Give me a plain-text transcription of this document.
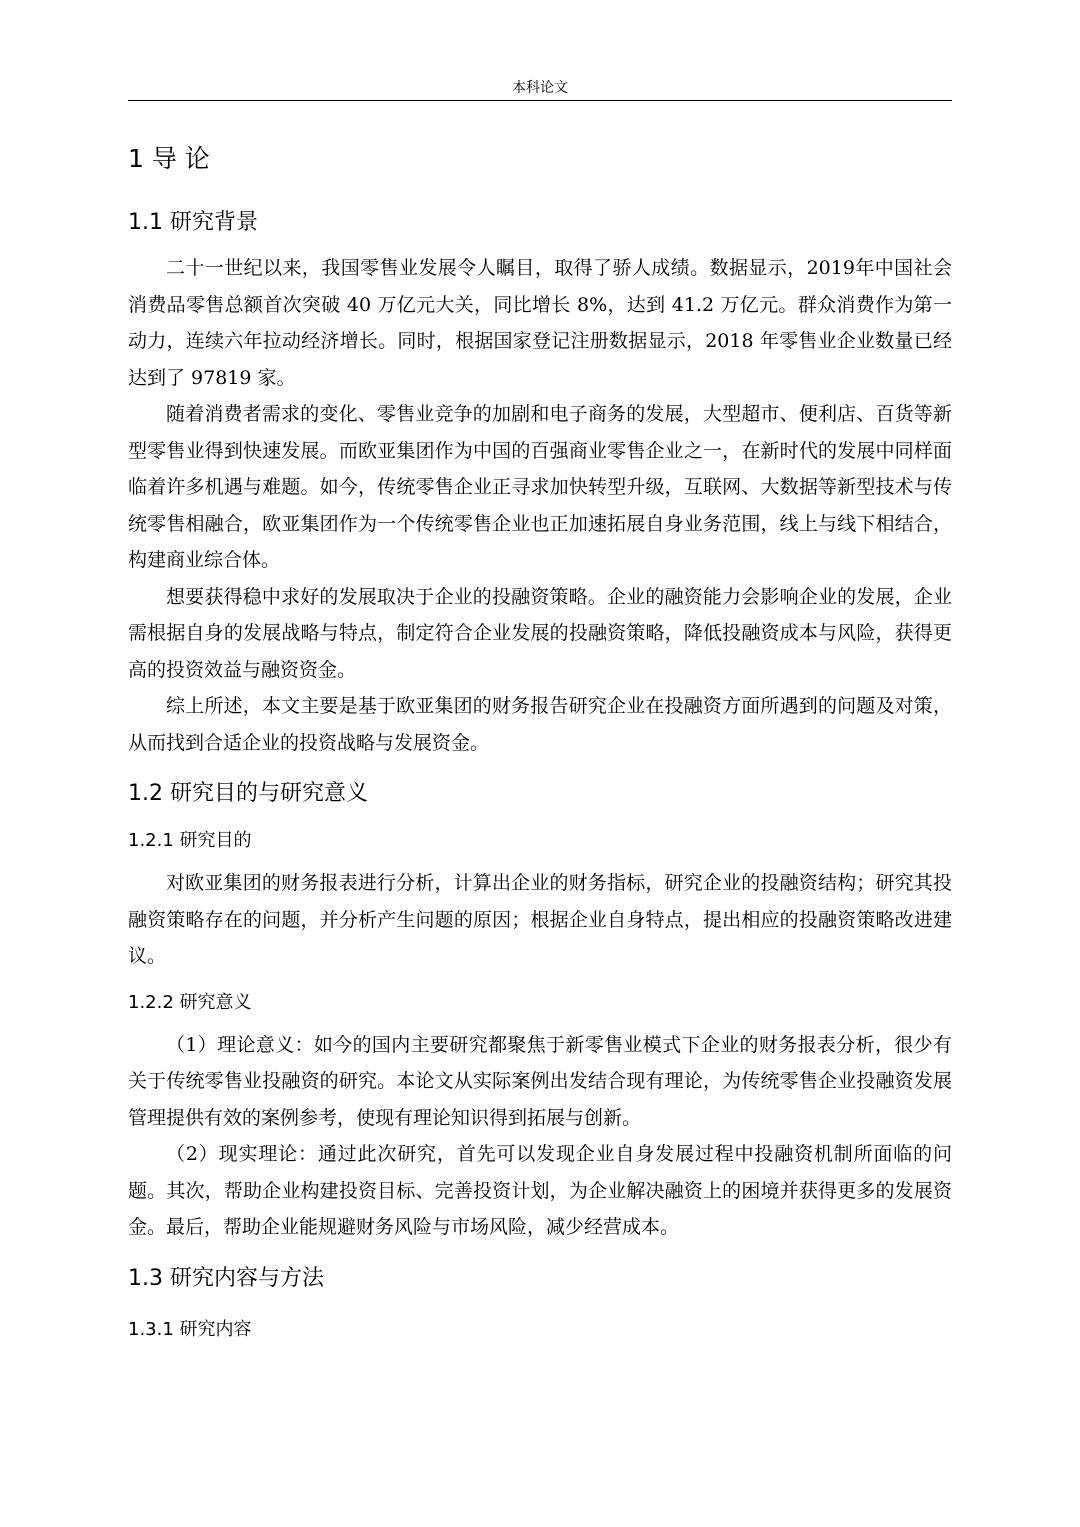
本科论文
1 导 论
1.1 研究背景

二十一世纪以来，我国零售业发展令人瞩目，取得了骄人成绩。数据显示，2019年中国社会消费品零售总额首次突破 40 万亿元大关，同比增长 8%，达到 41.2 万亿元。群众消费作为第一动力，连续六年拉动经济增长。同时，根据国家登记注册数据显示，2018 年零售业企业数量已经达到了 97819 家。

随着消费者需求的变化、零售业竞争的加剧和电子商务的发展，大型超市、便利店、百货等新型零售业得到快速发展。而欧亚集团作为中国的百强商业零售企业之一，在新时代的发展中同样面临着许多机遇与难题。如今，传统零售企业正寻求加快转型升级，互联网、大数据等新型技术与传统零售相融合，欧亚集团作为一个传统零售企业也正加速拓展自身业务范围，线上与线下相结合，构建商业综合体。

想要获得稳中求好的发展取决于企业的投融资策略。企业的融资能力会影响企业的发展，企业需根据自身的发展战略与特点，制定符合企业发展的投融资策略，降低投融资成本与风险，获得更高的投资效益与融资资金。

综上所述，本文主要是基于欧亚集团的财务报告研究企业在投融资方面所遇到的问题及对策，从而找到合适企业的投资战略与发展资金。

1.2 研究目的与研究意义
1.2.1 研究目的

对欧亚集团的财务报表进行分析，计算出企业的财务指标，研究企业的投融资结构；研究其投融资策略存在的问题，并分析产生问题的原因；根据企业自身特点，提出相应的投融资策略改进建议。

1.2.2 研究意义

（1）理论意义：如今的国内主要研究都聚焦于新零售业模式下企业的财务报表分析，很少有关于传统零售业投融资的研究。本论文从实际案例出发结合现有理论，为传统零售企业投融资发展管理提供有效的案例参考，使现有理论知识得到拓展与创新。

（2）现实理论：通过此次研究，首先可以发现企业自身发展过程中投融资机制所面临的问题。其次，帮助企业构建投资目标、完善投资计划，为企业解决融资上的困境并获得更多的发展资金。最后，帮助企业能规避财务风险与市场风险，减少经营成本。

1.3 研究内容与方法
1.3.1 研究内容
